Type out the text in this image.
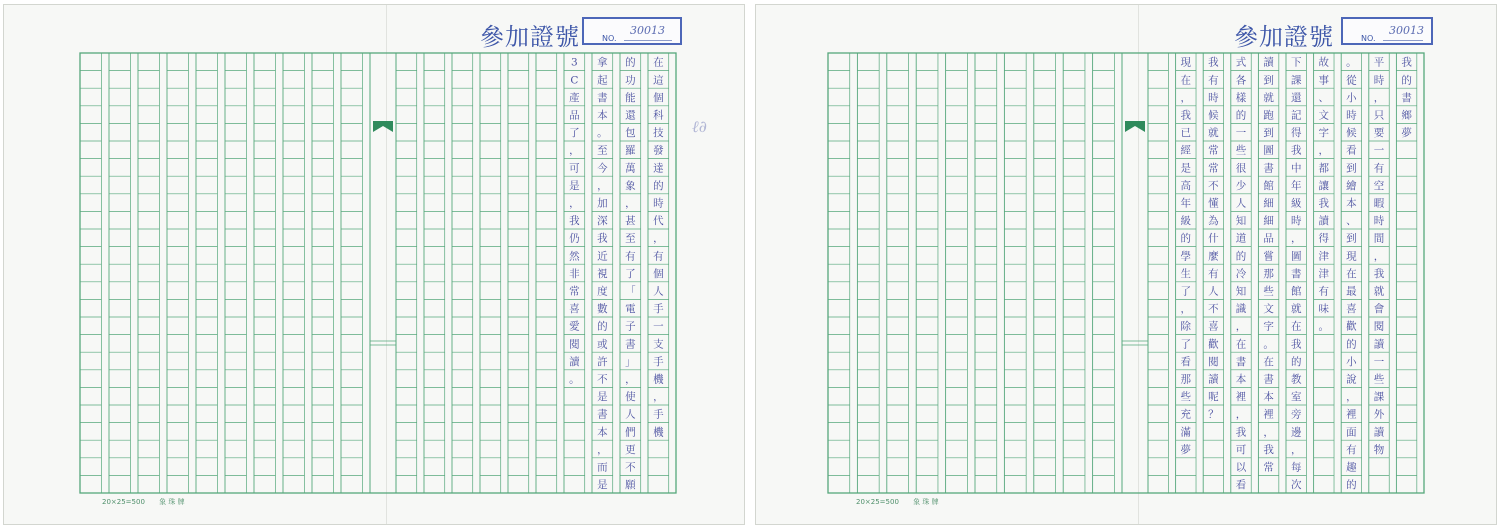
參加證號	NO.
30013
在
這
個
科
技
發
達
的
時
代
，
有
個
人
手
一
支
手
機
，
手
機
的
功
能
還
包
羅
萬
象
，
甚
至
有
了
「
電
子
書
」
，
使
人
們
更
不
願
拿
起
書
本
。
至
今
，
加
深
我
近
視
度
數
的
或
許
不
是
書
本
，
而
是
3
C
產
品
了
，
可
是
，
我
仍
然
非
常
喜
愛
閱
讀
。
ℓ∂
20×25=500 象 珠 牌
參加證號	NO.
30013
我
的
書
鄉
夢
平
時
，
只
要
一
有
空
暇
時
間
，
我
就
會
閱
讀
一
些
課
外
讀
物
。
從
小
時
候
看
到
繪
本
、
到
現
在
最
喜
歡
的
小
說
，
裡
面
有
趣
的
故
事
、
文
字
，
都
讓
我
讀
得
津
津
有
味
。
下
課
還
記
得
我
中
年
級
時
，
圖
書
館
就
在
我
的
教
室
旁
邊
，
每
次
讀
到
就
跑
到
圖
書
館
細
細
品
嘗
那
些
文
字
。
在
書
本
裡
，
我
常
式
各
樣
的
一
些
很
少
人
知
道
的
冷
知
識
，
在
書
本
裡
，
我
可
以
看
我
有
時
候
就
常
常
不
懂
為
什
麼
有
人
不
喜
歡
閱
讀
呢
？
現
在
，
我
已
經
是
高
年
級
的
學
生
了
，
除
了
看
那
些
充
滿
夢
20×25=500 象 珠 牌
